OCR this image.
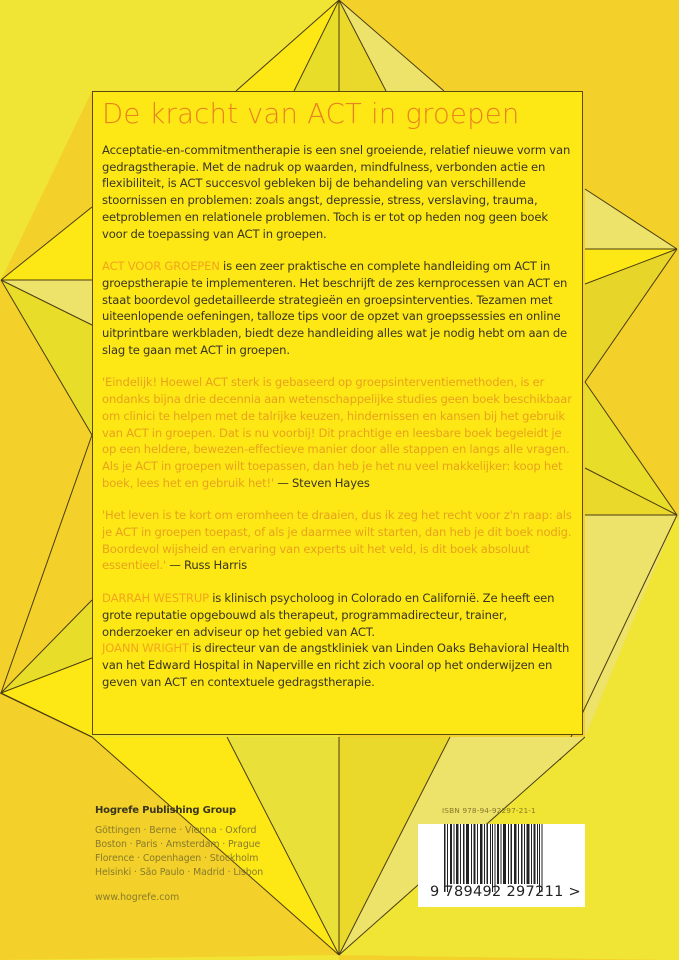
De kracht van ACT in groepen

Acceptatie-en-commitmentherapie is een snel groeiende, relatief nieuwe vorm van gedragstherapie. Met de nadruk op waarden, mindfulness, verbonden actie en flexibiliteit, is ACT succesvol gebleken bij de behandeling van verschillende stoornissen en problemen: zoals angst, depressie, stress, verslaving, trauma, eetproblemen en relationele problemen. Toch is er tot op heden nog geen boek voor de toepassing van ACT in groepen.

ACT VOOR GROEPEN is een zeer praktische en complete handleiding om ACT in groepstherapie te implementeren. Het beschrijft de zes kernprocessen van ACT en staat boordevol gedetailleerde strategieën en groepsinterventies. Tezamen met uiteenlopende oefeningen, talloze tips voor de opzet van groepssessies en online uitprintbare werkbladen, biedt deze handleiding alles wat je nodig hebt om aan de slag te gaan met ACT in groepen.

'Eindelijk! Hoewel ACT sterk is gebaseerd op groepsinterventiemethoden, is er ondanks bijna drie decennia aan wetenschappelijke studies geen boek beschikbaar om clinici te helpen met de talrijke keuzen, hindernissen en kansen bij het gebruik van ACT in groepen. Dat is nu voorbij! Dit prachtige en leesbare boek begeleidt je op een heldere, bewezen-effectieve manier door alle stappen en langs alle vragen. Als je ACT in groepen wilt toepassen, dan heb je het nu veel makkelijker: koop het boek, lees het en gebruik het!' — Steven Hayes

'Het leven is te kort om eromheen te draaien, dus ik zeg het recht voor z'n raap: als je ACT in groepen toepast, of als je daarmee wilt starten, dan heb je dit boek nodig. Boordevol wijsheid en ervaring van experts uit het veld, is dit boek absoluut essentieel.' — Russ Harris

DARRAH WESTRUP is klinisch psycholoog in Colorado en Californië. Ze heeft een grote reputatie opgebouwd als therapeut, programmadirecteur, trainer, onderzoeker en adviseur op het gebied van ACT.

JOANN WRIGHT is directeur van de angstkliniek van Linden Oaks Behavioral Health van het Edward Hospital in Naperville en richt zich vooral op het onderwijzen en geven van ACT en contextuele gedragstherapie.

Hogrefe Publishing Group

Göttingen · Berne · Vienna · Oxford

Boston · Paris · Amsterdam · Prague

Florence · Copenhagen · Stockholm

Helsinki · São Paulo · Madrid · Lisbon

www.hogrefe.com

ISBN 978-94-92297-21-1
9 789492 297211 >
